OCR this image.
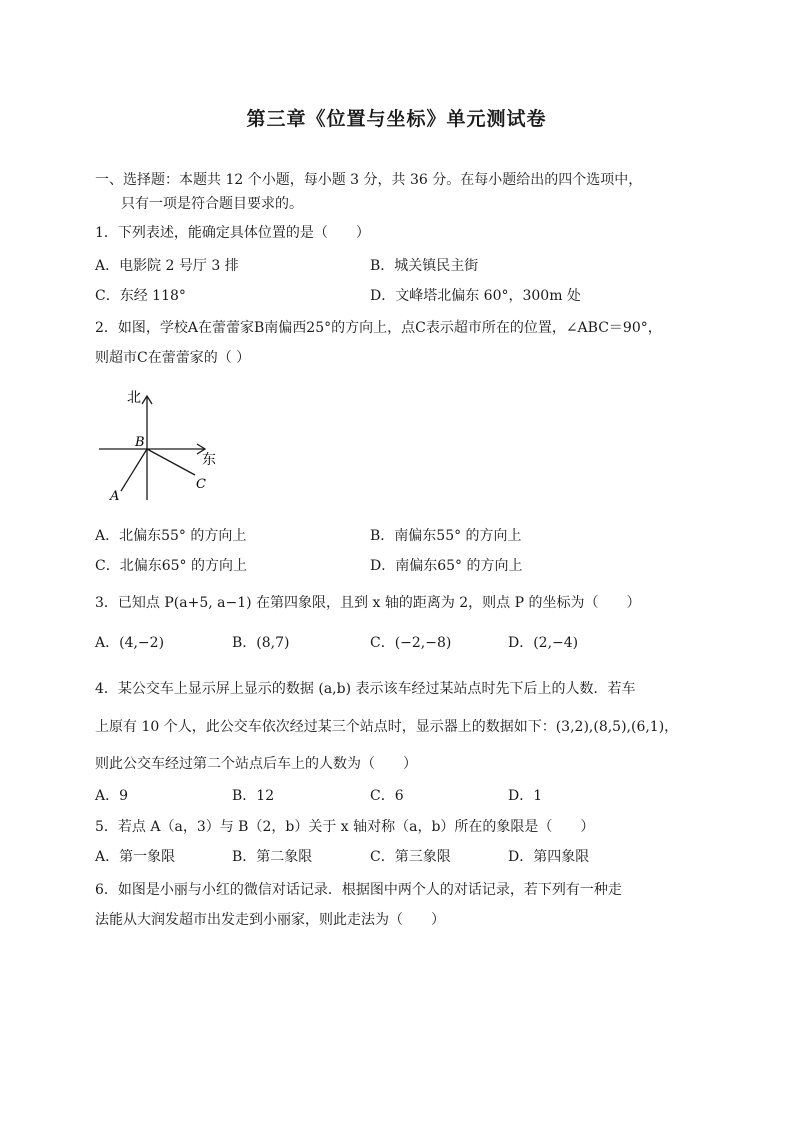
第三章《位置与坐标》单元测试卷
一、选择题：本题共 12 个小题，每小题 3 分，共 36 分。在每小题给出的四个选项中，
只有一项是符合题目要求的。
1．下列表述，能确定具体位置的是（　　）
A．电影院 2 号厅 3 排	B．城关镇民主街
C．东经 118°	D．文峰塔北偏东 60°，300m 处
2．如图，学校A在蕾蕾家B南偏西25°的方向上，点C表示超市所在的位置，∠ABC＝90°，
则超市C在蕾蕾家的（ ）
北
东
B
A
C
A．北偏东55° 的方向上	B．南偏东55° 的方向上
C．北偏东65° 的方向上	D．南偏东65° 的方向上
3．已知点 P(a+5, a−1) 在第四象限，且到 x 轴的距离为 2，则点 P 的坐标为（　　）
A．(4,−2)	B．(8,7)	C．(−2,−8)	D．(2,−4)
4．某公交车上显示屏上显示的数据 (a,b) 表示该车经过某站点时先下后上的人数．若车
上原有 10 个人，此公交车依次经过某三个站点时，显示器上的数据如下：(3,2),(8,5),(6,1)，
则此公交车经过第二个站点后车上的人数为（　　）
A．9	B．12	C．6	D．1
5．若点 A（a，3）与 B（2，b）关于 x 轴对称（a，b）所在的象限是（　　）
A．第一象限	B．第二象限	C．第三象限	D．第四象限
6．如图是小丽与小红的微信对话记录．根据图中两个人的对话记录，若下列有一种走
法能从大润发超市出发走到小丽家，则此走法为（　　）
